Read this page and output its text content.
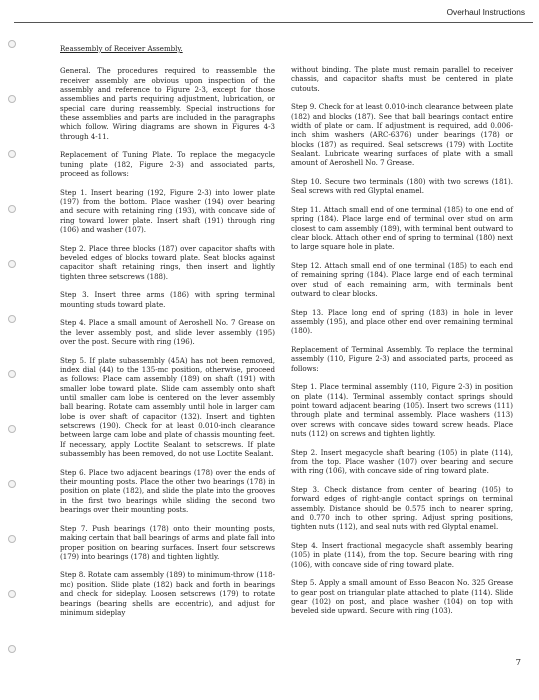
Overhaul Instructions

Reassembly of Receiver Assembly.

General. The procedures required to reassemble the receiver assembly are obvious upon inspection of the assembly and reference to Figure 2-3, except for those assemblies and parts requiring adjustment, lubrication, or special care during reassembly. Special instructions for these assemblies and parts are included in the paragraphs which follow. Wiring diagrams are shown in Figures 4-3 through 4-11.

Replacement of Tuning Plate. To replace the megacycle tuning plate (182, Figure 2-3) and associated parts, proceed as follows:

Step 1. Insert bearing (192, Figure 2-3) into lower plate (197) from the bottom. Place washer (194) over bearing and secure with retaining ring (193), with concave side of ring toward lower plate. Insert shaft (191) through ring (106) and washer (107).

Step 2. Place three blocks (187) over capacitor shafts with beveled edges of blocks toward plate. Seat blocks against capacitor shaft retaining rings, then insert and lightly tighten three setscrews (188).

Step 3. Insert three arms (186) with spring terminal mounting studs toward plate.

Step 4. Place a small amount of Aeroshell No. 7 Grease on the lever assembly post, and slide lever assembly (195) over the post. Secure with ring (196).

Step 5. If plate subassembly (45A) has not been removed, index dial (44) to the 135-mc position, otherwise, proceed as follows: Place cam assembly (189) on shaft (191) with smaller lobe toward plate. Slide cam assembly onto shaft until smaller cam lobe is centered on the lever assembly ball bearing. Rotate cam assembly until hole in larger cam lobe is over shaft of capacitor (132). Insert and tighten setscrews (190). Check for at least 0.010-inch clearance between large cam lobe and plate of chassis mounting feet. If necessary, apply Loctite Sealant to setscrews. If plate subassembly has been removed, do not use Loctite Sealant.

Step 6. Place two adjacent bearings (178) over the ends of their mounting posts. Place the other two bearings (178) in position on plate (182), and slide the plate into the grooves in the first two bearings while sliding the second two bearings over their mounting posts.

Step 7. Push bearings (178) onto their mounting posts, making certain that ball bearings of arms and plate fall into proper position on bearing surfaces. Insert four setscrews (179) into bearings (178) and tighten lightly.

Step 8. Rotate cam assembly (189) to minimum-throw (118-mc) position. Slide plate (182) back and forth in bearings and check for sideplay. Loosen setscrews (179) to rotate bearings (bearing shells are eccentric), and adjust for minimum sideplay

without binding. The plate must remain parallel to receiver chassis, and capacitor shafts must be centered in plate cutouts.

Step 9. Check for at least 0.010-inch clearance between plate (182) and blocks (187). See that ball bearings contact entire width of plate or cam. If adjustment is required, add 0.006-inch shim washers (ARC-6376) under bearings (178) or blocks (187) as required. Seal setscrews (179) with Loctite Sealant. Lubricate wearing surfaces of plate with a small amount of Aeroshell No. 7 Grease.

Step 10. Secure two terminals (180) with two screws (181). Seal screws with red Glyptal enamel.

Step 11. Attach small end of one terminal (185) to one end of spring (184). Place large end of terminal over stud on arm closest to cam assembly (189), with terminal bent outward to clear block. Attach other end of spring to terminal (180) next to large square hole in plate.

Step 12. Attach small end of one terminal (185) to each end of remaining spring (184). Place large end of each terminal over stud of each remaining arm, with terminals bent outward to clear blocks.

Step 13. Place long end of spring (183) in hole in lever assembly (195), and place other end over remaining terminal (180).

Replacement of Terminal Assembly. To replace the terminal assembly (110, Figure 2-3) and associated parts, proceed as follows:

Step 1. Place terminal assembly (110, Figure 2-3) in position on plate (114). Terminal assembly contact springs should point toward adjacent bearing (105). Insert two screws (111) through plate and terminal assembly. Place washers (113) over screws with concave sides toward screw heads. Place nuts (112) on screws and tighten lightly.

Step 2. Insert megacycle shaft bearing (105) in plate (114), from the top. Place washer (107) over bearing and secure with ring (106), with concave side of ring toward plate.

Step 3. Check distance from center of bearing (105) to forward edges of right-angle contact springs on terminal assembly. Distance should be 0.575 inch to nearer spring, and 0.770 inch to other spring. Adjust spring positions, tighten nuts (112), and seal nuts with red Glyptal enamel.

Step 4. Insert fractional megacycle shaft assembly bearing (105) in plate (114), from the top. Secure bearing with ring (106), with concave side of ring toward plate.

Step 5. Apply a small amount of Esso Beacon No. 325 Grease to gear post on triangular plate attached to plate (114). Slide gear (102) on post, and place washer (104) on top with beveled side upward. Secure with ring (103).

7
